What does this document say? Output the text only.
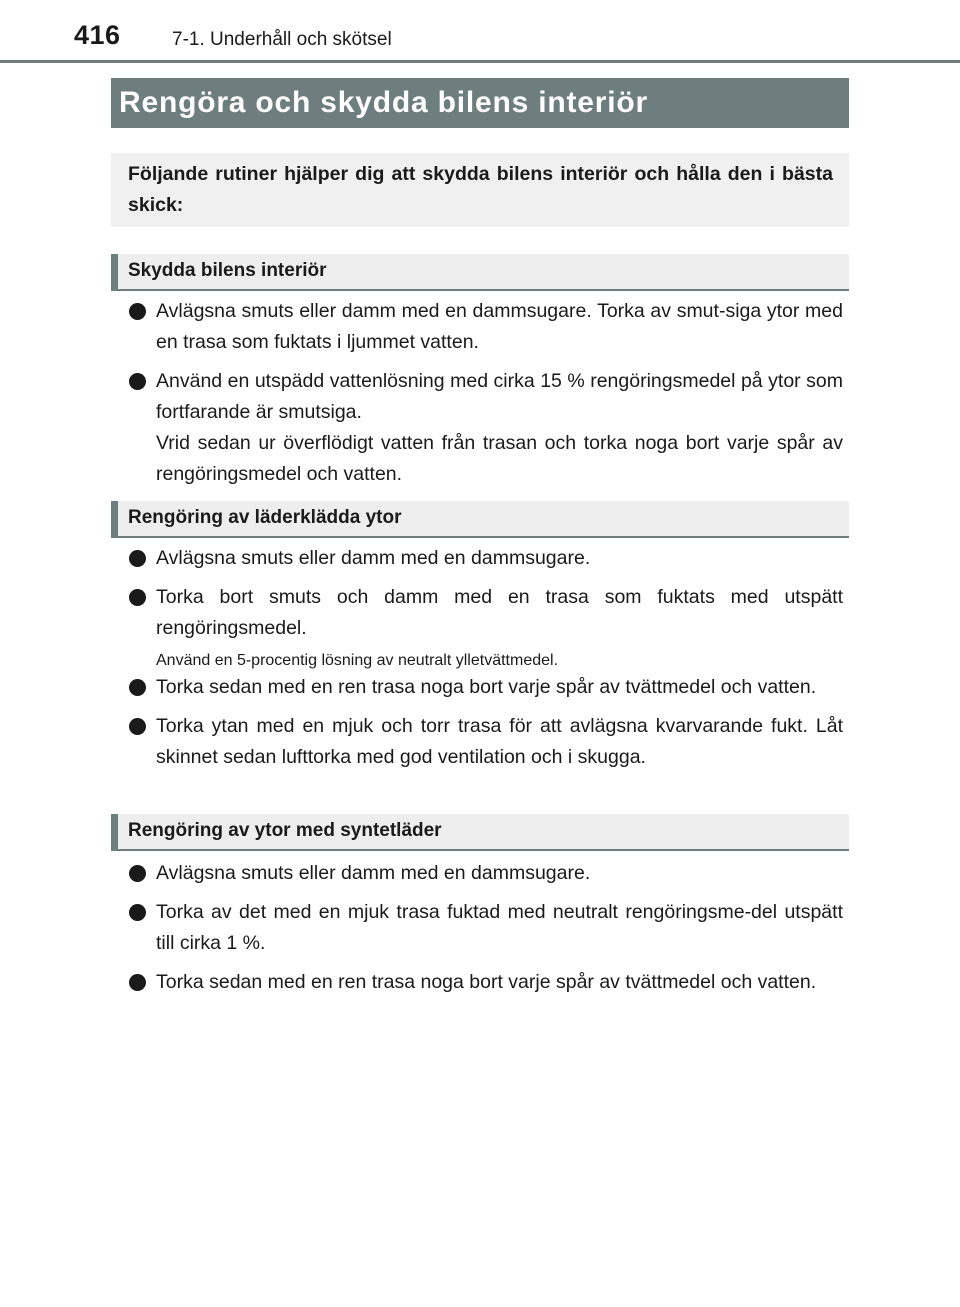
416	7-1. Underhåll och skötsel
Rengöra och skydda bilens interiör
Följande rutiner hjälper dig att skydda bilens interiör och hålla den i bästa skick:
Skydda bilens interiör
Avlägsna smuts eller damm med en dammsugare. Torka av smut-siga ytor med en trasa som fuktats i ljummet vatten.
Använd en utspädd vattenlösning med cirka 15 % rengöringsmedel på ytor som fortfarande är smutsiga.
Vrid sedan ur överflödigt vatten från trasan och torka noga bort varje spår av rengöringsmedel och vatten.
Rengöring av läderklädda ytor
Avlägsna smuts eller damm med en dammsugare.
Torka bort smuts och damm med en trasa som fuktats med utspätt rengöringsmedel.
Använd en 5-procentig lösning av neutralt ylletvättmedel.
Torka sedan med en ren trasa noga bort varje spår av tvättmedel och vatten.
Torka ytan med en mjuk och torr trasa för att avlägsna kvarvarande fukt. Låt skinnet sedan lufttorka med god ventilation och i skugga.
Rengöring av ytor med syntetläder
Avlägsna smuts eller damm med en dammsugare.
Torka av det med en mjuk trasa fuktad med neutralt rengöringsme-del utspätt till cirka 1 %.
Torka sedan med en ren trasa noga bort varje spår av tvättmedel och vatten.
